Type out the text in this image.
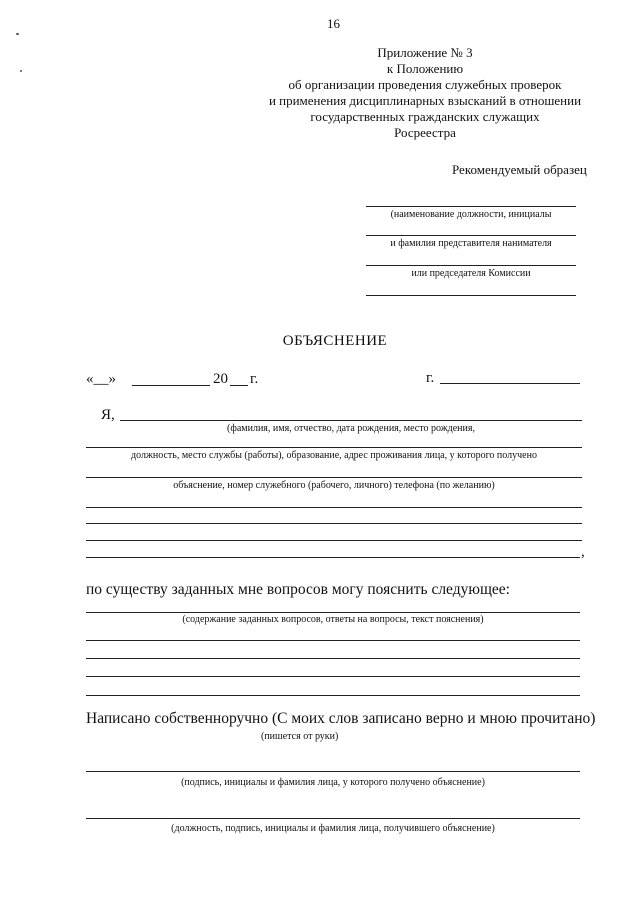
16
Приложение № 3
к Положению
об организации проведения служебных проверок
и применения дисциплинарных взысканий в отношении
государственных гражданских служащих
Росреестра
Рекомендуемый образец
(наименование должности, инициалы
и фамилия представителя нанимателя
или председателя Комиссии
ОБЪЯСНЕНИЕ
«__»	20 г.	г.
Я,
(фамилия, имя, отчество, дата рождения, место рождения,
должность, место службы (работы), образование, адрес проживания лица, у которого получено
объяснение, номер служебного (рабочего, личного) телефона (по желанию)
,
по существу заданных мне вопросов могу пояснить следующее:
(содержание заданных вопросов, ответы на вопросы, текст пояснения)
Написано собственноручно (С моих слов записано верно и мною прочитано)
(пишется от руки)
(подпись, инициалы и фамилия лица, у которого получено объяснение)
(должность, подпись, инициалы и фамилия лица, получившего объяснение)
